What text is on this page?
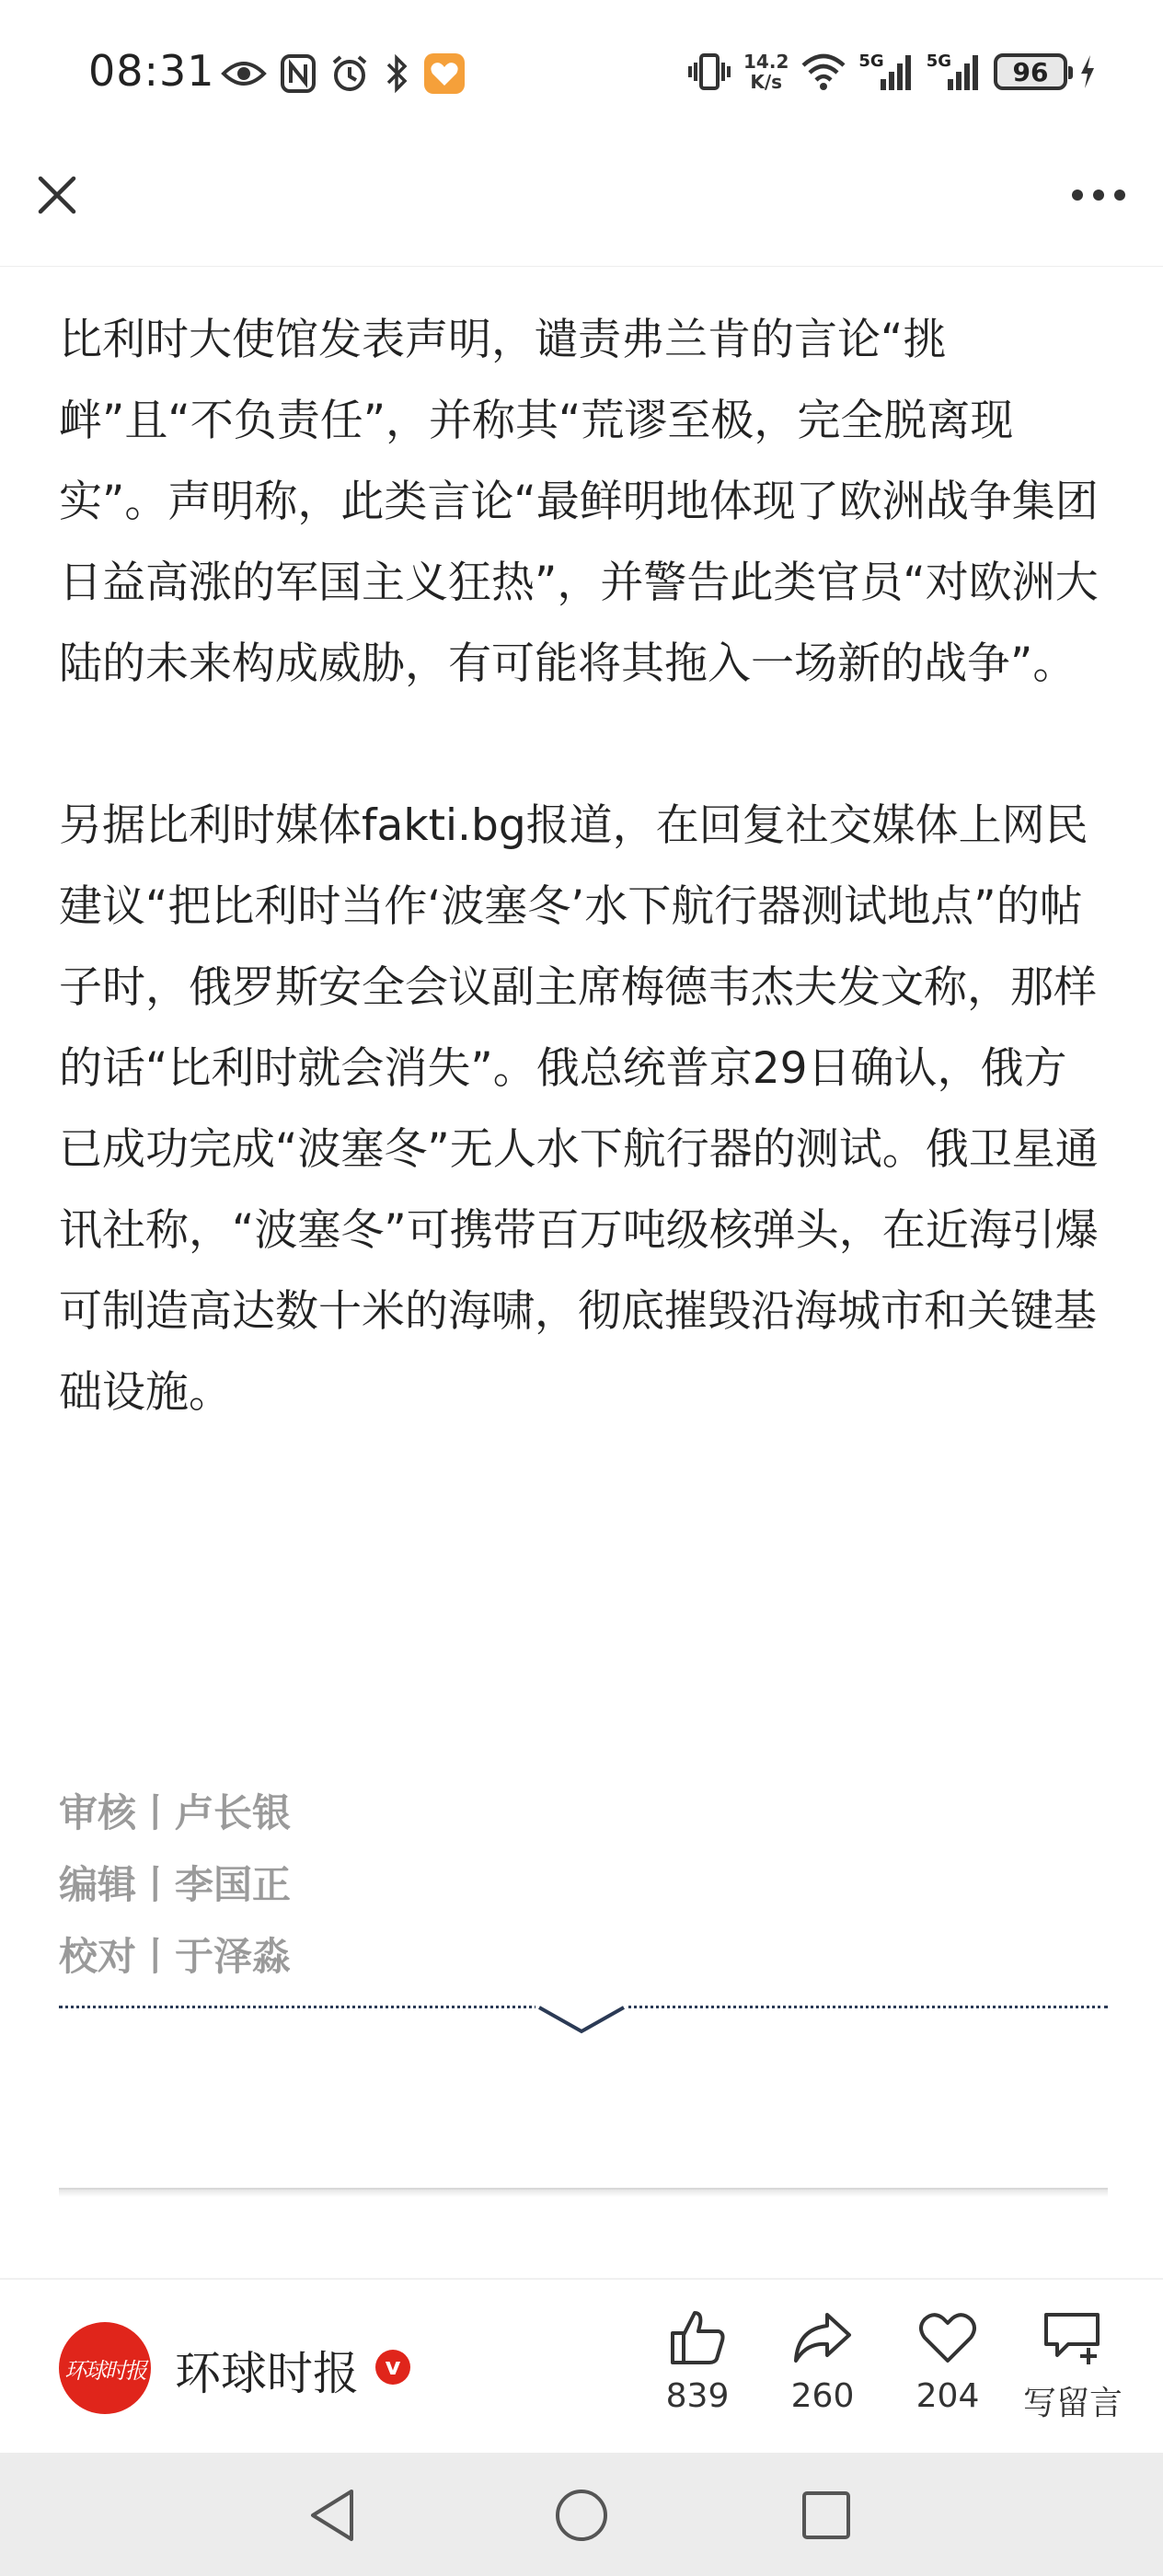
08:31	14.2
K/s
5G	5G 96

比利时大使馆发表声明，谴责弗兰肯的言论“挑衅”且“不负责任”，并称其“荒谬至极，完全脱离现实”。声明称，此类言论“最鲜明地体现了欧洲战争集团日益高涨的军国主义狂热”，并警告此类官员“对欧洲大陆的未来构成威胁，有可能将其拖入一场新的战争”。

另据比利时媒体fakti.bg报道，在回复社交媒体上网民建议“把比利时当作‘波塞冬’水下航行器测试地点”的帖子时，俄罗斯安全会议副主席梅德韦杰夫发文称，那样的话“比利时就会消失”。俄总统普京29日确认，俄方已成功完成“波塞冬”无人水下航行器的测试。俄卫星通讯社称，“波塞冬”可携带百万吨级核弹头，在近海引爆可制造高达数十米的海啸，彻底摧毁沿海城市和关键基础设施。

审核丨卢长银
编辑丨李国正
校对丨于泽淼
环球时报 环球时报	v
839 260 204 写留言
